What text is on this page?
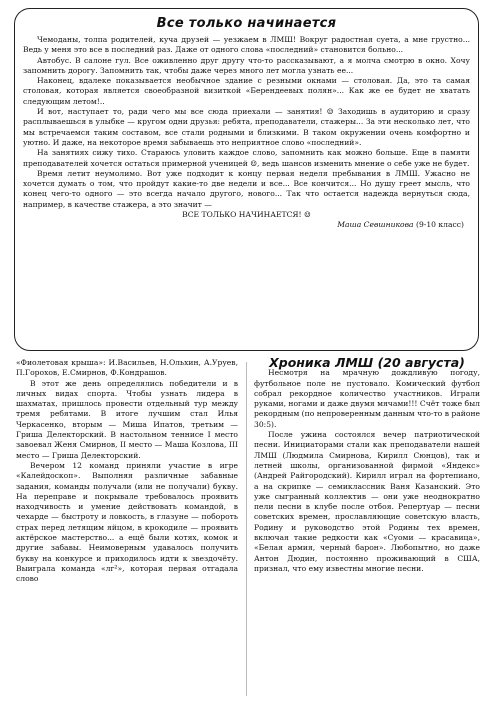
Все только начинается

Чемоданы, толпа родителей, куча друзей — уезжаем в ЛМШ! Вокруг радостная суета, а мне грустно... Ведь у меня это все в последний раз. Даже от одного слова «последний» становится больно...

Автобус. В салоне гул. Все оживленно друг другу что-то рассказывают, а я молча смотрю в окно. Хочу запомнить дорогу. Запомнить так, чтобы даже через много лет могла узнать ее...

Наконец, вдалеке показывается необычное здание с резными окнами — столовая. Да, это та самая столовая, которая является своеобразной визиткой «Берендеевых полян»... Как же ее будет не хватать следующим летом!..

И вот, наступает то, ради чего мы все сюда приехали — занятия! ☺ Заходишь в аудиторию и сразу расплываешься в улыбке — кругом одни друзья: ребята, преподаватели, стажеры... За эти несколько лет, что мы встречаемся таким составом, все стали родными и близкими. В таком окружении очень комфортно и уютно. И даже, на некоторое время забываешь это неприятное слово «последний».

На занятиях сижу тихо. Стараюсь уловить каждое слово, запомнить как можно больше. Еще в памяти преподавателей хочется остаться примерной ученицей ☺, ведь шансов изменить мнение о себе уже не будет.

Время летит неумолимо. Вот уже подходит к концу первая неделя пребывания в ЛМШ. Ужасно не хочется думать о том, что пройдут какие-то две недели и все... Все кончится... Но душу греет мысль, что конец чего-то одного — это всегда начало другого, нового... Так что остается надежда вернуться сюда, например, в качестве стажера, а это значит —

ВСЕ ТОЛЬКО НАЧИНАЕТСЯ! ☺

Маша Севшникова (9-10 класс)

«Фиолетовая крыша»: И.Васильев, Н.Ольхин, А.Уруев, П.Горохов, Е.Смирнов, Ф.Кондрашов.

В этот же день определялись победители и в личных видах спорта. Чтобы узнать лидера в шахматах, пришлось провести отдельный тур между тремя ребятами. В итоге лучшим стал Илья Черкасенко, вторым — Миша Ипатов, третьим — Гриша Делекторский. В настольном теннисе I место завоевал Женя Смирнов, II место — Маша Козлова, III место — Гриша Делекторский.

Вечером 12 команд приняли участие в игре «Калейдоскоп». Выполняя различные забавные задания, команды получали (или не получали) букву. На переправе и покрывале требовалось проявить находчивость и умение действовать командой, в чехарде — быстроту и ловкость, в глазуне — побороть страх перед летящим яйцом, в крокодиле — проявить актёрское мастерство... а ещё были котях, комок и другие забавы. Неимоверным удавалось получить букву на конкурсе и приходилось идти к звездочёту. Выиграла команда «лг²», которая первая отгадала слово

Хроника ЛМШ (20 августа)

Несмотря на мрачную дождливую погоду, футбольное поле не пустовало. Комический футбол собрал рекордное количество участников. Играли руками, ногами и даже двумя мячами!!! Счёт тоже был рекордным (по непроверенным данным что-то в районе 30:5).

После ужина состоялся вечер патриотической песни. Инициаторами стали как преподаватели нашей ЛМШ (Людмила Смирнова, Кирилл Сюнцов), так и летней школы, организованной фирмой «Яндекс» (Андрей Райгородский). Кирилл играл на фортепиано, а на скрипке — семиклассник Ваня Казанский. Это уже сыгранный коллектив — они уже неоднократно пели песни в клубе после отбоя. Репертуар — песни советских времен, прославляющие советскую власть, Родину и руководство этой Родины тех времен, включая такие редкости как «Суоми — красавица», «Белая армия, черный барон». Любопытно, но даже Антон Дюдин, постоянно проживающий в США, признал, что ему известны многие песни.
